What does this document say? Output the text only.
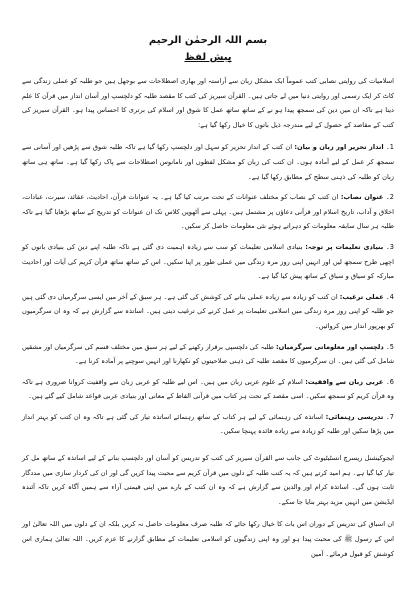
بسم اللہ الرحمٰن الرحیم
پیش لفظ

اسلامیات کی روایتی نصابی کتب عموماً ایک مشکل زبان سے آراستہ اور بھاری اصطلاحات سے بوجھل ہیں جو طلبہ کو عملی زندگی سے کاٹ کر ایک رسمی اور روایتی دنیا میں لے جاتی ہیں۔ القرآن سیریز کی کتب کا مقصد طلبہ کو دلچسپ اور آسان انداز میں قرآن کا علم دینا ہے تاکہ ان میں دین کی سمجھ پیدا ہو نے کے ساتھ ساتھ عمل کا شوق اور اسلام کی برتری کا احساس پیدا ہو۔ القرآن سیریز کی کتب کے مقاصد کے حصول کے لیے مندرجہ ذیل باتوں کا خیال رکھا گیا ہے:

1۔ انداز تحریر اور زبان و بیان: ان کتب کے انداز تحریر کو سہل اور دلچسپ رکھا گیا ہے تاکہ طلبہ شوق سے پڑھیں اور آسانی سے سمجھ کر عمل کے لیے آمادہ ہوں۔ ان کتب کی زبان کو مشکل لفظوں اور نامانوس اصطلاحات سے پاک رکھا گیا ہے۔ ساتھ ہی ساتھ زبان کو طلبہ کی ذہنی سطح کے مطابق رکھا گیا ہے۔

2۔ عنوان نصاب: ان کتب کے نصاب کو مختلف عنوانات کے تحت مرتب کیا گیا ہے۔ یہ عنوانات قرآن، احادیث، عقائد، سیرت، عبادات، اخلاق و آداب، تاریخ اسلام اور قرآنی دعاؤں پر مشتمل ہیں۔ پہلی سے آٹھویں کلاس تک ان عنوانات کو تدریج کے ساتھ بڑھایا گیا ہے تاکہ طلبہ ہر سال سابقہ معلومات کو دہراتے ہوئے نئی معلومات حاصل کر سکیں۔

3۔ بنیادی تعلیمات پر توجہ: بنیادی اسلامی تعلیمات کو سب سے زیادہ اہمیت دی گئی ہے تاکہ طلبہ اپنے دین کی بنیادی باتوں کو اچھی طرح سمجھ لیں اور انہیں اپنی روز مرہ زندگی میں عملی طور پر اپنا سکیں۔ اس کے ساتھ ساتھ قرآن کریم کی آیات اور احادیث مبارکہ کو سیاق و سباق کے ساتھ پیش کیا گیا ہے۔

4۔ عملی ترغیب: ان کتب کو زیادہ سے زیادہ عملی بنانے کی کوشش کی گئی ہے۔ ہر سبق کے آخر میں ایسی سرگرمیاں دی گئی ہیں جو طلبہ کو اپنی روز مرہ زندگی میں اسلامی تعلیمات پر عمل کرنے کی ترغیب دیتی ہیں۔ اساتذہ سے گزارش ہے کہ وہ ان سرگرمیوں کو بھرپور انداز میں کروائیں۔

5۔ دلچسپ اور معلوماتی سرگرمیاں: طلبہ کی دلچسپی برقرار رکھنے کے لیے ہر سبق میں مختلف قسم کی سرگرمیاں اور مشقیں شامل کی گئی ہیں۔ ان سرگرمیوں کا مقصد طلبہ کی ذہنی صلاحیتوں کو نکھارنا اور انہیں سوچنے پر آمادہ کرنا ہے۔

6۔ عربی زبان سے واقفیت: اسلام کے علوم عربی زبان میں ہیں۔ اس لیے طلبہ کو عربی زبان سے واقفیت کروانا ضروری ہے تاکہ وہ قرآن کریم کو سمجھ سکیں۔ اسی مقصد کے تحت ہر کتاب میں قرآنی الفاظ کے معانی اور بنیادی عربی قواعد شامل کیے گئے ہیں۔

7۔ تدریسی رہنمائی: اساتذہ کی رہنمائی کے لیے ہر کتاب کے ساتھ رہنمائے اساتذہ تیار کی گئی ہے تاکہ وہ ان کتب کو بہتر انداز میں پڑھا سکیں اور طلبہ کو زیادہ سے زیادہ فائدہ پہنچا سکیں۔

ایجوکیشنل ریسرچ انسٹیٹیوٹ کی جانب سے القرآن سیریز کی کتب کو تدریس کو آسان اور دلچسپ بنانے کے لیے اساتذہ کے ساتھ مل کر تیار کیا گیا ہے۔ ہم امید کرتے ہیں کہ یہ کتب طلبہ کے دلوں میں قرآن کریم سے محبت پیدا کریں گی اور ان کی کردار سازی میں مددگار ثابت ہوں گی۔ اساتذہ کرام اور والدین سے گزارش ہے کہ وہ ان کتب کے بارے میں اپنی قیمتی آراء سے ہمیں آگاہ کریں تاکہ آئندہ ایڈیشن میں انہیں مزید بہتر بنایا جا سکے۔

ان اسباق کی تدریس کے دوران اس بات کا خیال رکھا جائے کہ طلبہ صرف معلومات حاصل نہ کریں بلکہ ان کے دلوں میں اللہ تعالیٰ اور اس کے رسول ﷺ کی محبت پیدا ہو اور وہ اپنی زندگیوں کو اسلامی تعلیمات کے مطابق گزارنے کا عزم کریں۔ اللہ تعالیٰ ہماری اس کوشش کو قبول فرمائے۔ آمین
